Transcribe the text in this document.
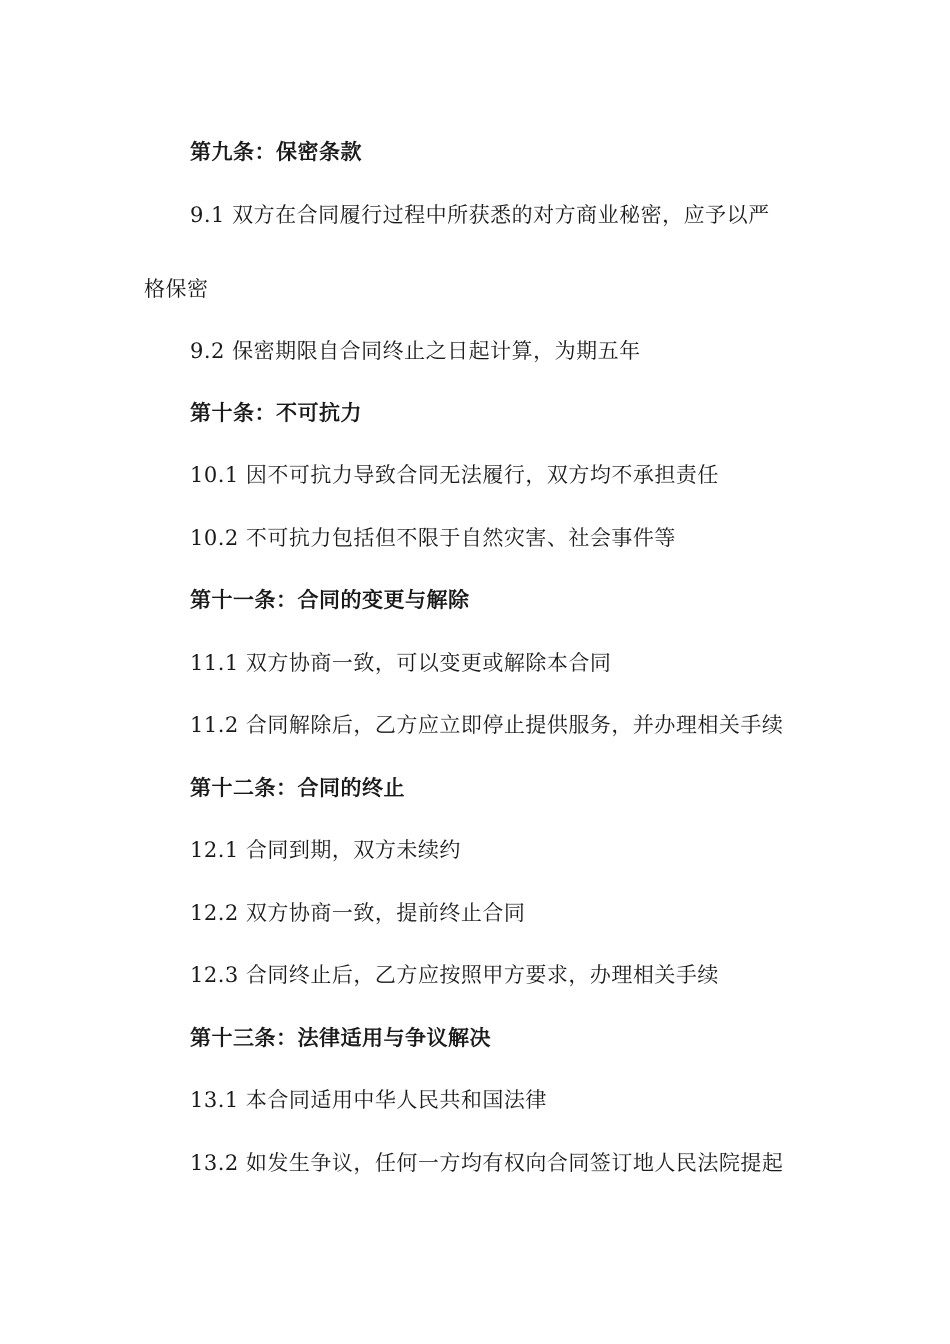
第九条：保密条款
9.1 双方在合同履行过程中所获悉的对方商业秘密，应予以严
格保密
9.2 保密期限自合同终止之日起计算，为期五年
第十条：不可抗力
10.1 因不可抗力导致合同无法履行，双方均不承担责任
10.2 不可抗力包括但不限于自然灾害、社会事件等
第十一条：合同的变更与解除
11.1 双方协商一致，可以变更或解除本合同
11.2 合同解除后，乙方应立即停止提供服务，并办理相关手续
第十二条：合同的终止
12.1 合同到期，双方未续约
12.2 双方协商一致，提前终止合同
12.3 合同终止后，乙方应按照甲方要求，办理相关手续
第十三条：法律适用与争议解决
13.1 本合同适用中华人民共和国法律
13.2 如发生争议，任何一方均有权向合同签订地人民法院提起
